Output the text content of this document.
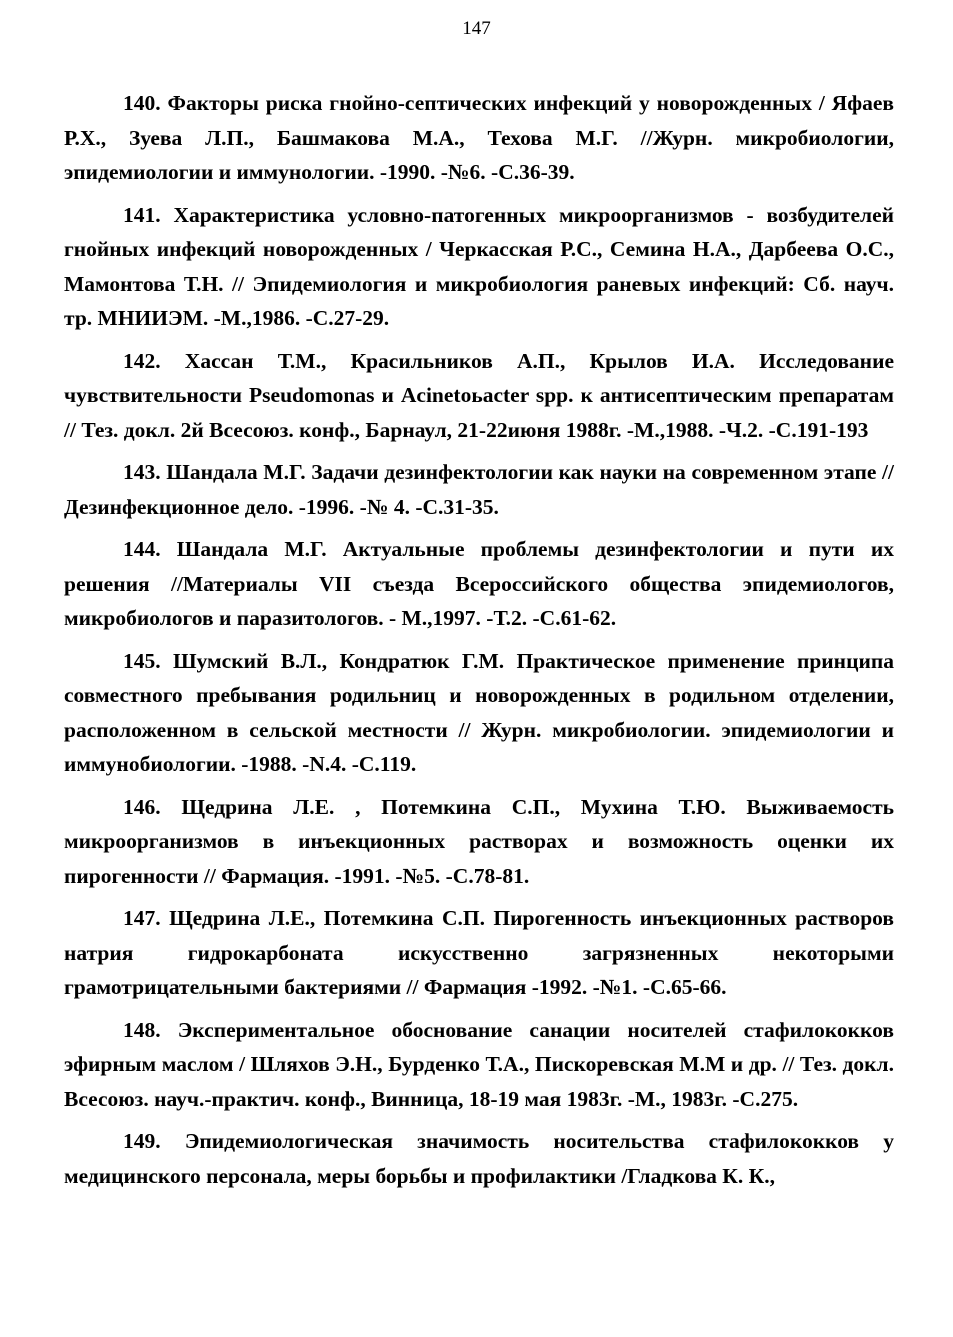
147

140. Факторы риска гнойно-септических инфекций у новорожденных / Яфаев Р.Х., Зуева Л.П., Башмакова М.А., Техова М.Г. //Журн. микробиологии, эпидемиологии и иммунологии. -1990. -№6. -С.36-39.

141. Характеристика условно-патогенных микроорганизмов - возбудителей гнойных инфекций новорожденных / Черкасская Р.С., Семина Н.А., Дарбеева О.С., Мамонтова Т.Н. // Эпидемиология и микробиология раневых инфекций: Сб. науч. тр. МНИИЭМ. -М.,1986. -С.27-29.

142. Хассан Т.М., Красильников А.П., Крылов И.А. Исследование чувствительности Pseudomonas и Acinetoьacter spp. к антисептическим препаратам // Тез. докл. 2й Всесоюз. конф., Барнаул, 21-22июня 1988г. -М.,1988. -Ч.2. -С.191-193

143. Шандала М.Г. Задачи дезинфектологии как науки на современном этапе // Дезинфекционное дело. -1996. -№ 4. -С.31-35.

144. Шандала М.Г. Актуальные проблемы дезинфектологии и пути их решения //Материалы VII съезда Всероссийского общества эпидемиологов, микробиологов и паразитологов. - М.,1997. -Т.2. -С.61-62.

145. Шумский В.Л., Кондратюк Г.М. Практическое применение принципа совместного пребывания родильниц и новорожденных в родильном отделении, расположенном в сельской местности // Журн. микробиологии. эпидемиологии и иммунобиологии. -1988. -N.4. -С.119.

146. Щедрина Л.Е. , Потемкина С.П., Мухина Т.Ю. Выживаемость микроорганизмов в инъекционных растворах и возможность оценки их пирогенности // Фармация. -1991. -№5. -С.78-81.

147. Щедрина Л.Е., Потемкина С.П. Пирогенность инъекционных растворов натрия гидрокарбоната искусственно загрязненных некоторыми грамотрицательными бактериями // Фармация -1992. -№1. -С.65-66.

148. Экспериментальное обоснование санации носителей стафилококков эфирным маслом / Шляхов Э.Н., Бурденко Т.А., Пискоревская М.М и др. // Тез. докл. Всесоюз. науч.-практич. конф., Винница, 18-19 мая 1983г. -М., 1983г. -С.275.

149. Эпидемиологическая значимость носительства стафилококков у медицинского персонала, меры борьбы и профилактики /Гладкова К. К.,
